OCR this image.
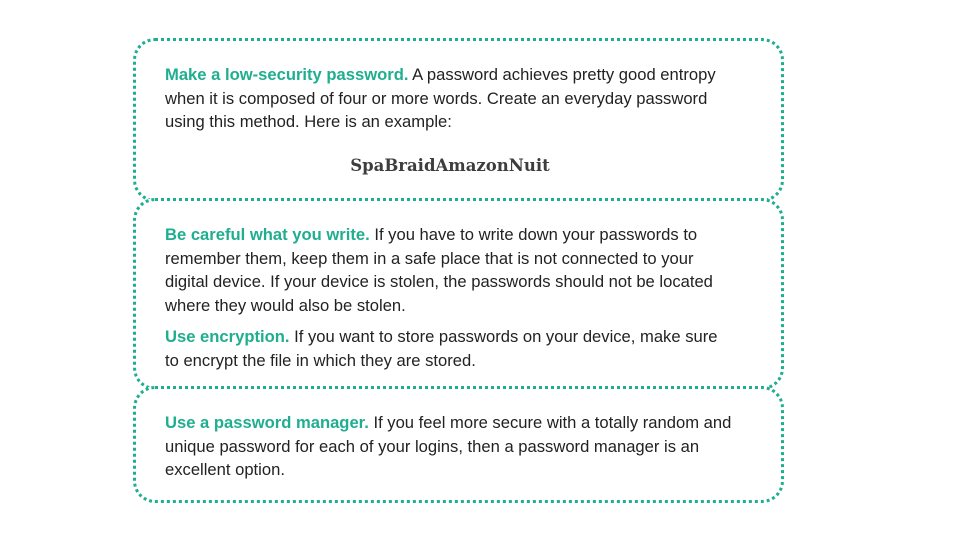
Make a low-security password. A password achieves pretty good entropy when it is composed of four or more words. Create an everyday password using this method. Here is an example:

SpaBraidAmazonNuit

Be careful what you write. If you have to write down your passwords to remember them, keep them in a safe place that is not connected to your digital device. If your device is stolen, the passwords should not be located where they would also be stolen.

Use encryption. If you want to store passwords on your device, make sure to encrypt the file in which they are stored.

Use a password manager. If you feel more secure with a totally random and unique password for each of your logins, then a password manager is an excellent option.
